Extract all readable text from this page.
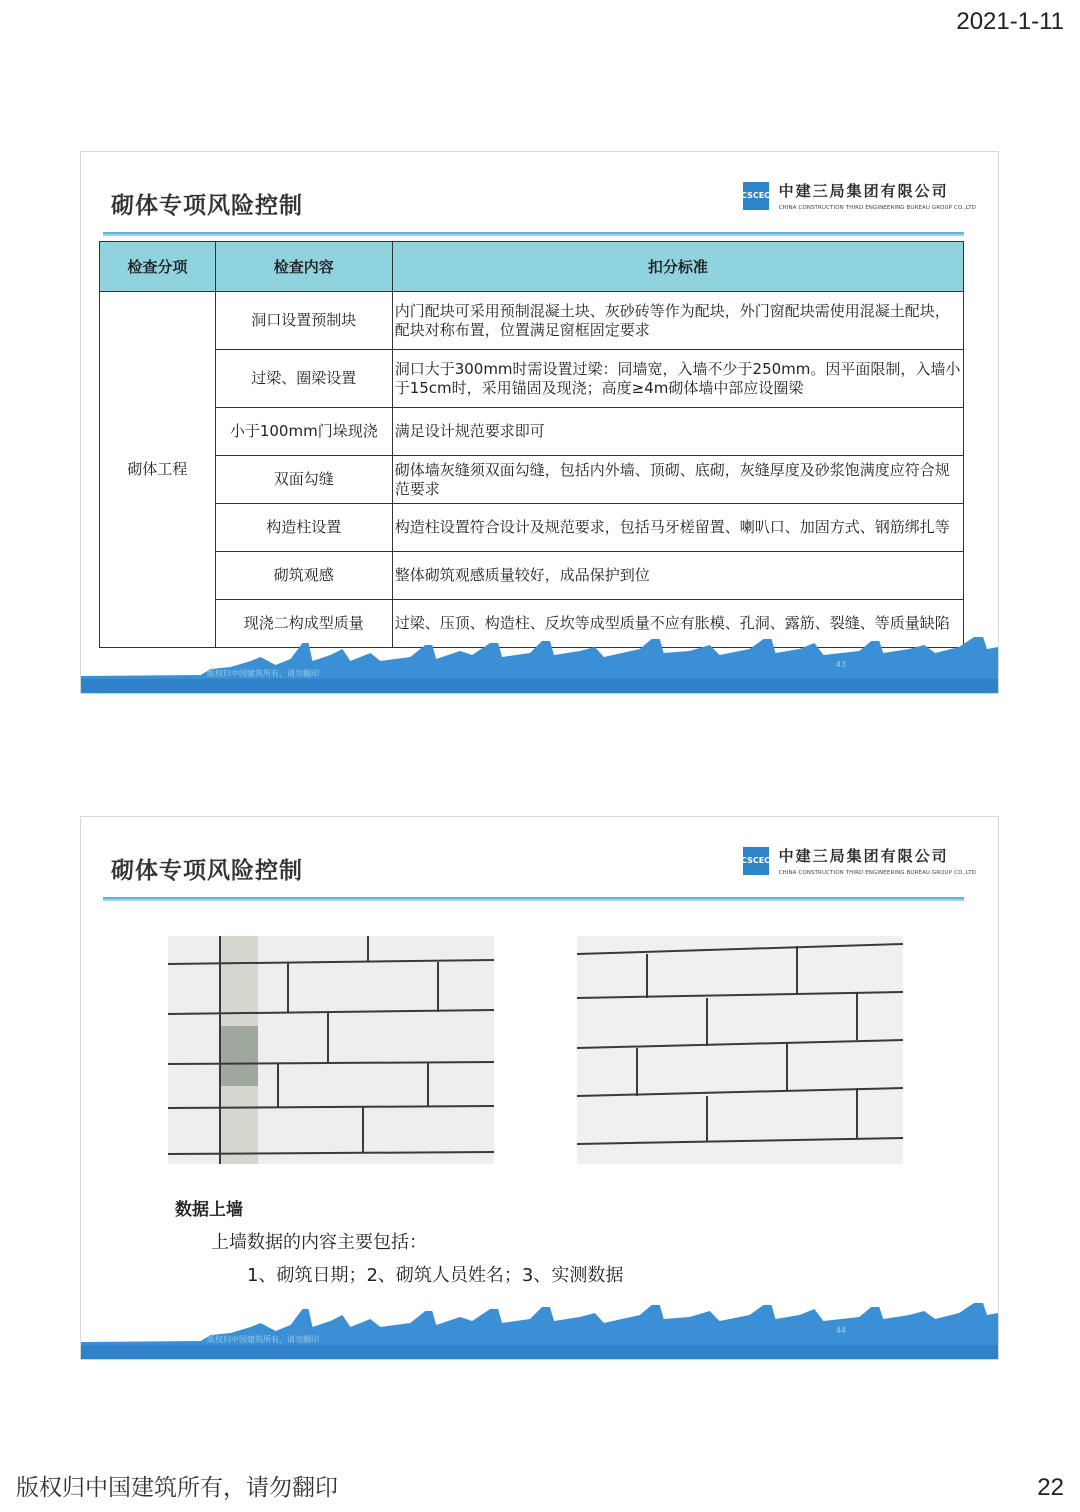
2021-1-11
砌体专项风险控制	CSCEC 中建三局集团有限公司
CHINA CONSTRUCTION THIRD ENGINEERING BUREAU GROUP CO.,LTD
检查分项	检查内容	扣分标准
砌体工程	洞口设置预制块	内门配块可采用预制混凝土块、灰砂砖等作为配块，外门窗配块需使用混凝土配块，配块对称布置，位置满足窗框固定要求
	过梁、圈梁设置	洞口大于300mm时需设置过梁：同墙宽，入墙不少于250mm。因平面限制，入墙小于15cm时，采用锚固及现浇；高度≥4m砌体墙中部应设圈梁
	小于100mm门垛现浇	满足设计规范要求即可
	双面勾缝	砌体墙灰缝须双面勾缝，包括内外墙、顶砌、底砌，灰缝厚度及砂浆饱满度应符合规范要求
	构造柱设置	构造柱设置符合设计及规范要求，包括马牙槎留置、喇叭口、加固方式、钢筋绑扎等
	砌筑观感	整体砌筑观感质量较好，成品保护到位
	现浇二构成型质量	过梁、压顶、构造柱、反坎等成型质量不应有胀模、孔洞、露筋、裂缝、等质量缺陷
版权归中国建筑所有，请勿翻印
43
砌体专项风险控制	CSCEC 中建三局集团有限公司
CHINA CONSTRUCTION THIRD ENGINEERING BUREAU GROUP CO.,LTD
数据上墙
上墙数据的内容主要包括：
1、砌筑日期；2、砌筑人员姓名；3、实测数据
版权归中国建筑所有，请勿翻印
44
版权归中国建筑所有，请勿翻印	22
